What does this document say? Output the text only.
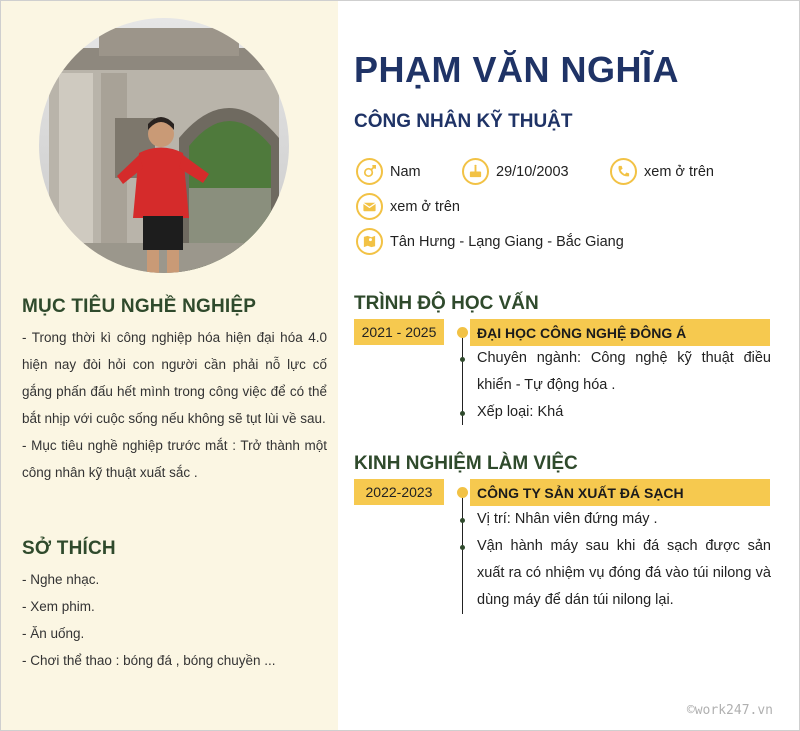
MỤC TIÊU NGHỀ NGHIỆP

- Trong thời kì công nghiệp hóa hiện đại hóa 4.0 hiện nay đòi hỏi con người cần phải nỗ lực cố gắng phấn đấu hết mình trong công việc để có thể bắt nhịp với cuộc sống nếu không sẽ tụt lùi về sau.

- Mục tiêu nghề nghiệp trước mắt : Trở thành một công nhân kỹ thuật xuất sắc .

SỞ THÍCH

- Nghe nhạc.

- Xem phim.

- Ăn uống.

- Chơi thể thao : bóng đá , bóng chuyền ...

PHẠM VĂN NGHĨA
CÔNG NHÂN KỸ THUẬT
Nam	29/10/2003	xem ở trên
xem ở trên
Tân Hưng - Lạng Giang - Bắc Giang
TRÌNH ĐỘ HỌC VẤN
2021 - 2025	ĐẠI HỌC CÔNG NGHỆ ĐÔNG Á
Chuyên ngành: Công nghệ kỹ thuật điều khiển - Tự động hóa .
Xếp loại: Khá
KINH NGHIỆM LÀM VIỆC
2022-2023	CÔNG TY SẢN XUẤT ĐÁ SẠCH
Vị trí: Nhân viên đứng máy .
Vận hành máy sau khi đá sạch được sản xuất ra có nhiệm vụ đóng đá vào túi nilong và dùng máy để dán túi nilong lại.
©work247.vn
